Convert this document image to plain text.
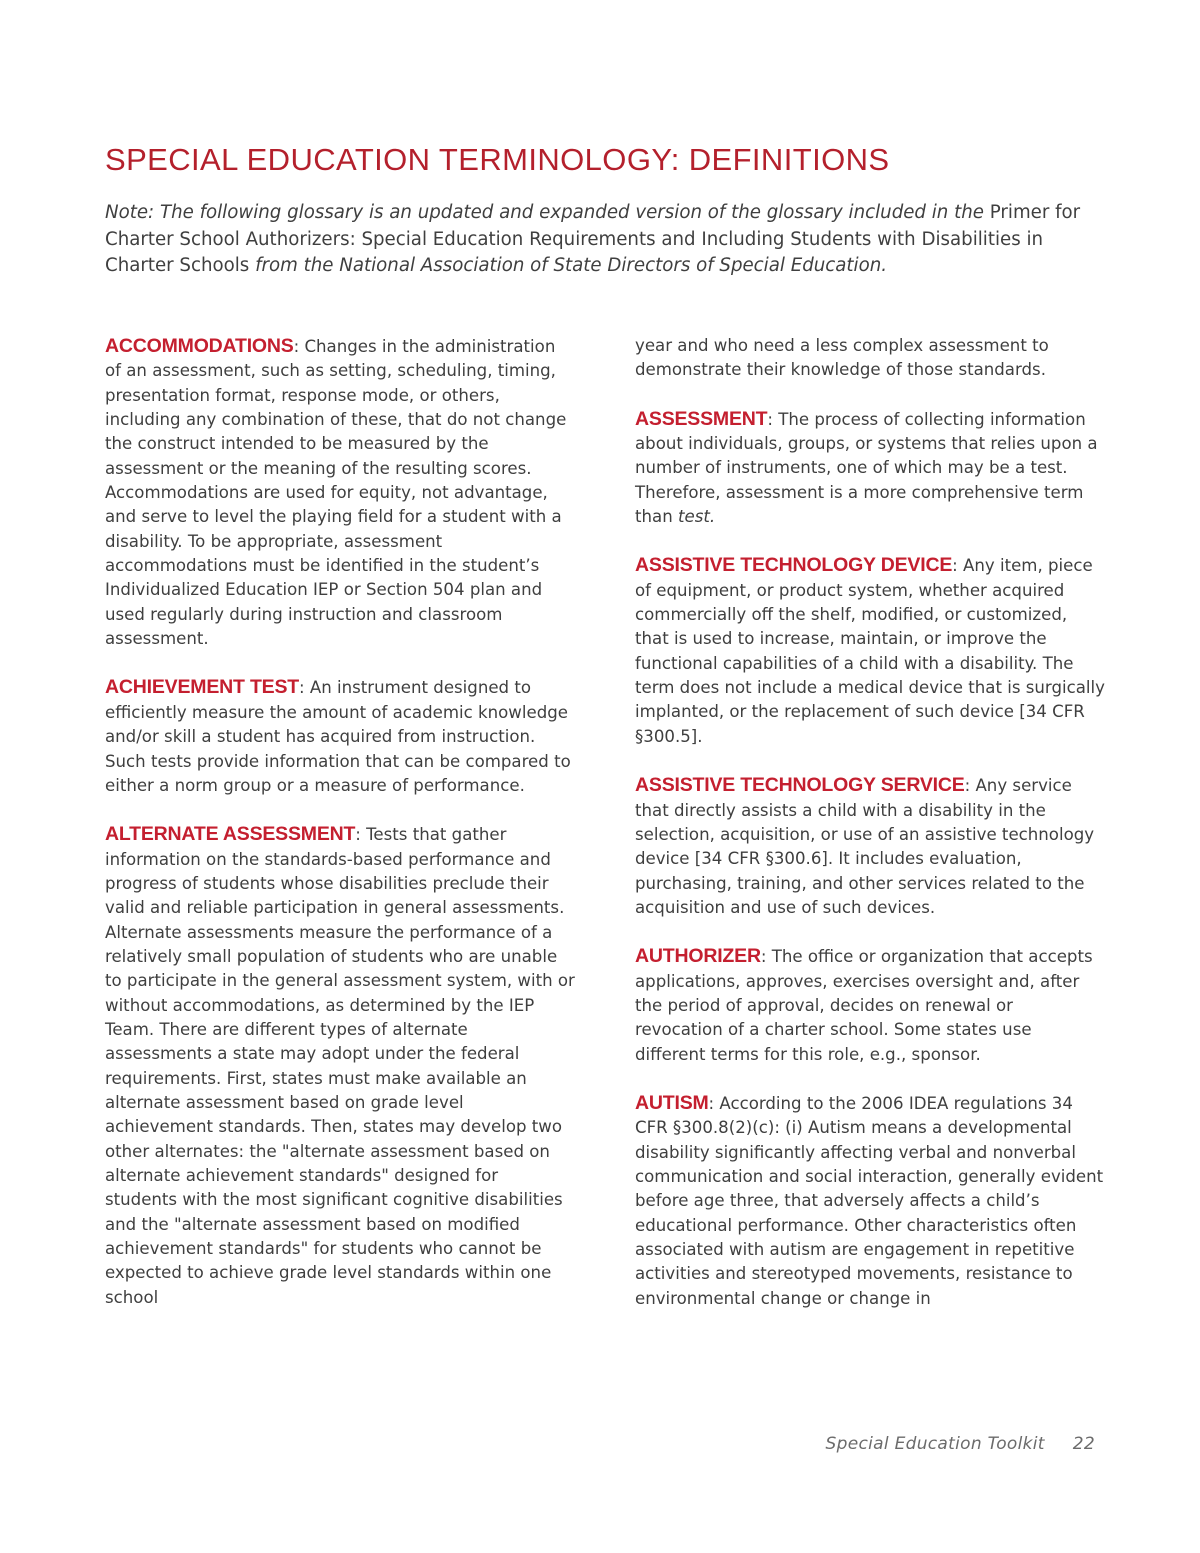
SPECIAL EDUCATION TERMINOLOGY: DEFINITIONS

Note: The following glossary is an updated and expanded version of the glossary included in the Primer for Charter School Authorizers: Special Education Requirements and Including Students with Disabilities in Charter Schools from the National Association of State Directors of Special Education.

ACCOMMODATIONS: Changes in the administration of an assessment, such as setting, scheduling, timing, presentation format, response mode, or others, including any combination of these, that do not change the construct intended to be measured by the assessment or the meaning of the resulting scores. Accommodations are used for equity, not advantage, and serve to level the playing field for a student with a disability. To be appropriate, assessment accommodations must be identified in the student’s Individualized Education IEP or Section 504 plan and used regularly during instruction and classroom assessment.

ACHIEVEMENT TEST: An instrument designed to efficiently measure the amount of academic knowledge and/or skill a student has acquired from instruction. Such tests provide information that can be compared to either a norm group or a measure of performance.

ALTERNATE ASSESSMENT: Tests that gather information on the standards-based performance and progress of students whose disabilities preclude their valid and reliable participation in general assessments. Alternate assessments measure the performance of a relatively small population of students who are unable to participate in the general assessment system, with or without accommodations, as determined by the IEP Team. There are different types of alternate assessments a state may adopt under the federal requirements. First, states must make available an alternate assessment based on grade level achievement standards. Then, states may develop two other alternates: the "alternate assessment based on alternate achievement standards" designed for students with the most significant cognitive disabilities and the "alternate assessment based on modified achievement standards" for students who cannot be expected to achieve grade level standards within one school

year and who need a less complex assessment to demonstrate their knowledge of those standards.

ASSESSMENT: The process of collecting information about individuals, groups, or systems that relies upon a number of instruments, one of which may be a test. Therefore, assessment is a more comprehensive term than test.

ASSISTIVE TECHNOLOGY DEVICE: Any item, piece of equipment, or product system, whether acquired commercially off the shelf, modified, or customized, that is used to increase, maintain, or improve the functional capabilities of a child with a disability. The term does not include a medical device that is surgically implanted, or the replacement of such device [34 CFR §300.5].

ASSISTIVE TECHNOLOGY SERVICE: Any service that directly assists a child with a disability in the selection, acquisition, or use of an assistive technology device [34 CFR §300.6]. It includes evaluation, purchasing, training, and other services related to the acquisition and use of such devices.

AUTHORIZER: The office or organization that accepts applications, approves, exercises oversight and, after the period of approval, decides on renewal or revocation of a charter school. Some states use different terms for this role, e.g., sponsor.

AUTISM: According to the 2006 IDEA regulations 34 CFR §300.8(2)(c): (i) Autism means a developmental disability significantly affecting verbal and nonverbal communication and social interaction, generally evident before age three, that adversely affects a child’s educational performance. Other characteristics often associated with autism are engagement in repetitive activities and stereotyped movements, resistance to environmental change or change in

Special Education Toolkit 22
